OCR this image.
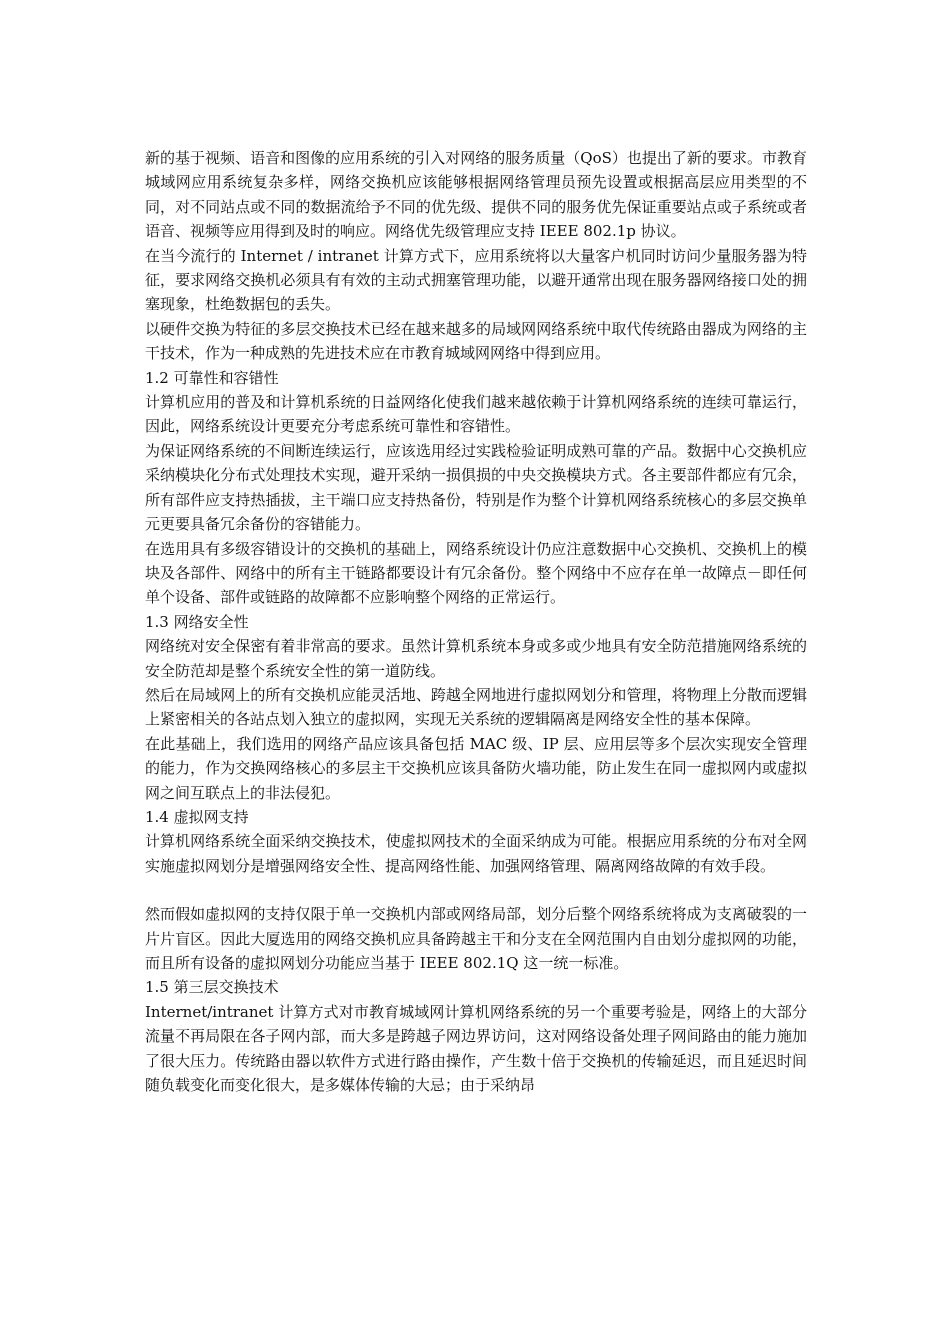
新的基于视频、语音和图像的应用系统的引入对网络的服务质量（QoS）也提出了新的要求。市教育城域网应用系统复杂多样，网络交换机应该能够根据网络管理员预先设置或根据高层应用类型的不同，对不同站点或不同的数据流给予不同的优先级、提供不同的服务优先保证重要站点或子系统或者语音、视频等应用得到及时的响应。网络优先级管理应支持 IEEE 802.1p 协议。

在当今流行的 Internet / intranet 计算方式下，应用系统将以大量客户机同时访问少量服务器为特征，要求网络交换机必须具有有效的主动式拥塞管理功能，以避开通常出现在服务器网络接口处的拥塞现象，杜绝数据包的丢失。

以硬件交换为特征的多层交换技术已经在越来越多的局域网网络系统中取代传统路由器成为网络的主干技术，作为一种成熟的先进技术应在市教育城域网网络中得到应用。

1.2 可靠性和容错性

计算机应用的普及和计算机系统的日益网络化使我们越来越依赖于计算机网络系统的连续可靠运行，因此，网络系统设计更要充分考虑系统可靠性和容错性。

为保证网络系统的不间断连续运行，应该选用经过实践检验证明成熟可靠的产品。数据中心交换机应采纳模块化分布式处理技术实现，避开采纳一损俱损的中央交换模块方式。各主要部件都应有冗余，所有部件应支持热插拔，主干端口应支持热备份，特别是作为整个计算机网络系统核心的多层交换单元更要具备冗余备份的容错能力。

在选用具有多级容错设计的交换机的基础上，网络系统设计仍应注意数据中心交换机、交换机上的模块及各部件、网络中的所有主干链路都要设计有冗余备份。整个网络中不应存在单一故障点－即任何单个设备、部件或链路的故障都不应影响整个网络的正常运行。

1.3 网络安全性

网络统对安全保密有着非常高的要求。虽然计算机系统本身或多或少地具有安全防范措施网络系统的安全防范却是整个系统安全性的第一道防线。

然后在局域网上的所有交换机应能灵活地、跨越全网地进行虚拟网划分和管理，将物理上分散而逻辑上紧密相关的各站点划入独立的虚拟网，实现无关系统的逻辑隔离是网络安全性的基本保障。

在此基础上，我们选用的网络产品应该具备包括 MAC 级、IP 层、应用层等多个层次实现安全管理的能力，作为交换网络核心的多层主干交换机应该具备防火墙功能，防止发生在同一虚拟网内或虚拟网之间互联点上的非法侵犯。

1.4 虚拟网支持

计算机网络系统全面采纳交换技术，使虚拟网技术的全面采纳成为可能。根据应用系统的分布对全网实施虚拟网划分是增强网络安全性、提高网络性能、加强网络管理、隔离网络故障的有效手段。

然而假如虚拟网的支持仅限于单一交换机内部或网络局部，划分后整个网络系统将成为支离破裂的一片片盲区。因此大厦选用的网络交换机应具备跨越主干和分支在全网范围内自由划分虚拟网的功能，而且所有设备的虚拟网划分功能应当基于 IEEE 802.1Q 这一统一标准。

1.5 第三层交换技术

Internet/intranet 计算方式对市教育城域网计算机网络系统的另一个重要考验是，网络上的大部分流量不再局限在各子网内部，而大多是跨越子网边界访问，这对网络设备处理子网间路由的能力施加了很大压力。传统路由器以软件方式进行路由操作，产生数十倍于交换机的传输延迟，而且延迟时间随负载变化而变化很大，是多媒体传输的大忌；由于采纳昂
